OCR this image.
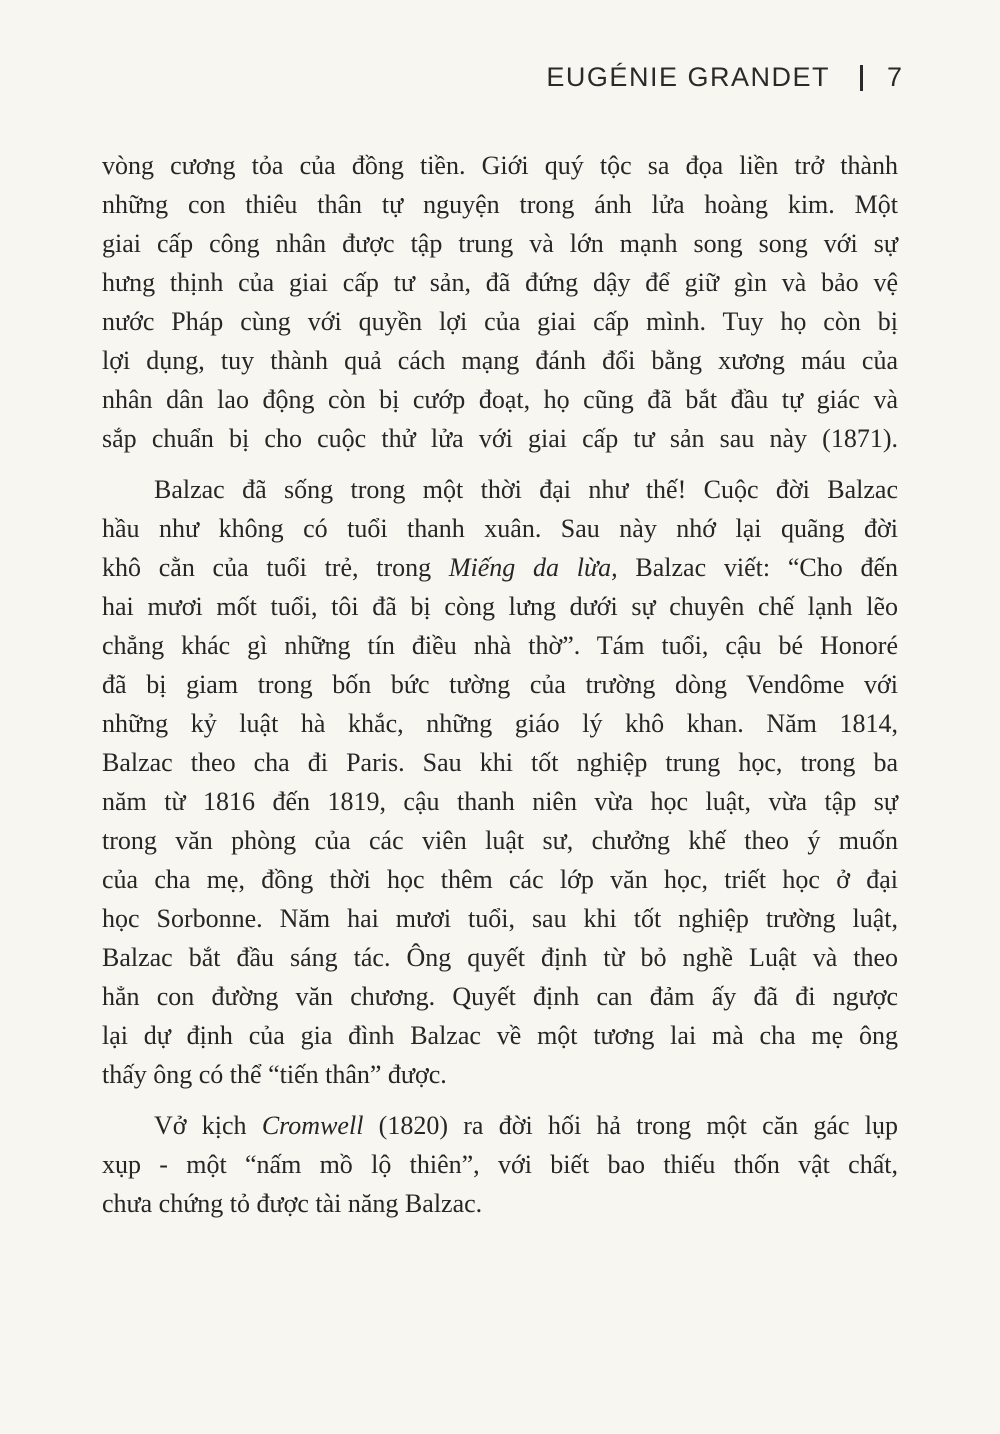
EUGÉNIE GRANDET 7
vòng cương tỏa của đồng tiền. Giới quý tộc sa đọa liền trở thành
những con thiêu thân tự nguyện trong ánh lửa hoàng kim. Một
giai cấp công nhân được tập trung và lớn mạnh song song với sự
hưng thịnh của giai cấp tư sản, đã đứng dậy để giữ gìn và bảo vệ
nước Pháp cùng với quyền lợi của giai cấp mình. Tuy họ còn bị
lợi dụng, tuy thành quả cách mạng đánh đổi bằng xương máu của
nhân dân lao động còn bị cướp đoạt, họ cũng đã bắt đầu tự giác và
sắp chuẩn bị cho cuộc thử lửa với giai cấp tư sản sau này (1871).
Balzac đã sống trong một thời đại như thế! Cuộc đời Balzac
hầu như không có tuổi thanh xuân. Sau này nhớ lại quãng đời
khô cằn của tuổi trẻ, trong Miếng da lừa, Balzac viết: “Cho đến
hai mươi mốt tuổi, tôi đã bị còng lưng dưới sự chuyên chế lạnh lẽo
chẳng khác gì những tín điều nhà thờ”. Tám tuổi, cậu bé Honoré
đã bị giam trong bốn bức tường của trường dòng Vendôme với
những kỷ luật hà khắc, những giáo lý khô khan. Năm 1814,
Balzac theo cha đi Paris. Sau khi tốt nghiệp trung học, trong ba
năm từ 1816 đến 1819, cậu thanh niên vừa học luật, vừa tập sự
trong văn phòng của các viên luật sư, chưởng khế theo ý muốn
của cha mẹ, đồng thời học thêm các lớp văn học, triết học ở đại
học Sorbonne. Năm hai mươi tuổi, sau khi tốt nghiệp trường luật,
Balzac bắt đầu sáng tác. Ông quyết định từ bỏ nghề Luật và theo
hẳn con đường văn chương. Quyết định can đảm ấy đã đi ngược
lại dự định của gia đình Balzac về một tương lai mà cha mẹ ông
thấy ông có thể “tiến thân” được.
Vở kịch Cromwell (1820) ra đời hối hả trong một căn gác lụp
xụp - một “nấm mồ lộ thiên”, với biết bao thiếu thốn vật chất,
chưa chứng tỏ được tài năng Balzac.
